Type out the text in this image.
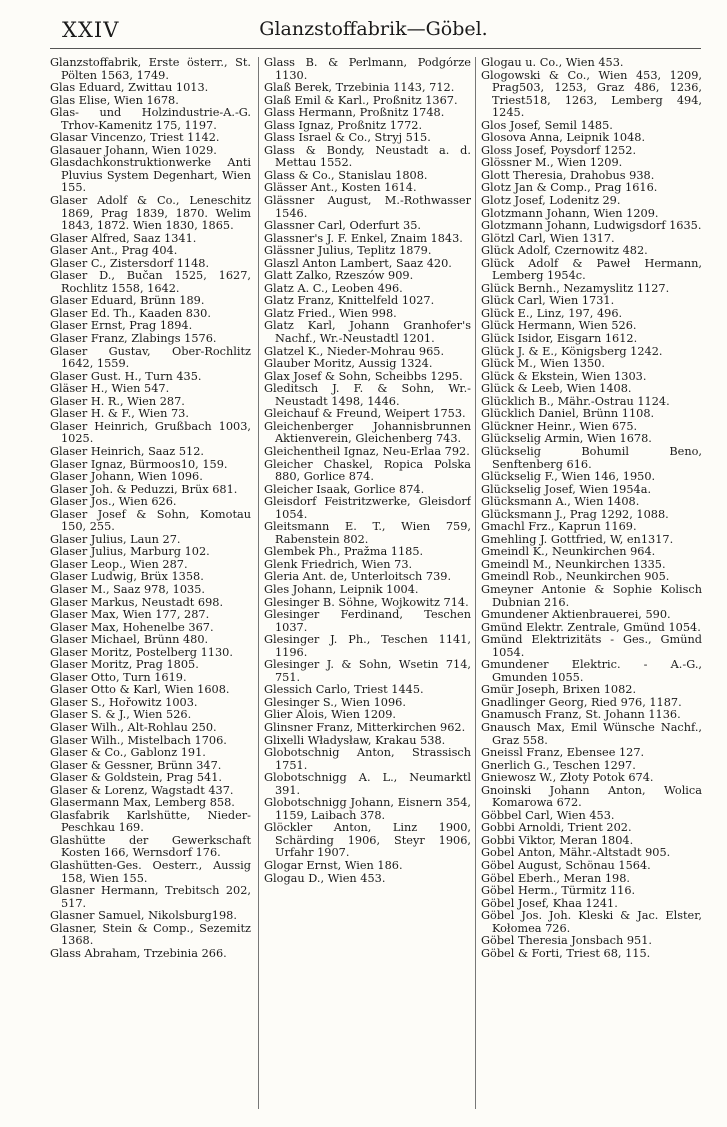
XXIV	Glanzstoffabrik—Göbel.
Glanzstoffabrik, Erste österr., St. Pölten 1563, 1749.
Glas Eduard, Zwittau 1013.
Glas Elise, Wien 1678.
Glas- und Holzindustrie-A.-G. Trhov-Kamenitz 175, 1197.
Glasar Vincenzo, Triest 1142.
Glasauer Johann, Wien 1029.
Glasdachkonstruktionwerke Anti Pluvius System Degenhart, Wien 155.
Glaser Adolf & Co., Leneschitz 1869, Prag 1839, 1870. Welim 1843, 1872. Wien 1830, 1865.
Glaser Alfred, Saaz 1341.
Glaser Ant., Prag 404.
Glaser C., Zistersdorf 1148.
Glaser D., Bučan 1525, 1627, Rochlitz 1558, 1642.
Glaser Eduard, Brünn 189.
Glaser Ed. Th., Kaaden 830.
Glaser Ernst, Prag 1894.
Glaser Franz, Zlabings 1576.
Glaser Gustav, Ober-Rochlitz 1642, 1559.
Glaser Gust. H., Turn 435.
Gläser H., Wien 547.
Glaser H. R., Wien 287.
Glaser H. & F., Wien 73.
Glaser Heinrich, Grußbach 1003, 1025.
Glaser Heinrich, Saaz 512.
Glaser Ignaz, Bürmoos10, 159.
Glaser Johann, Wien 1096.
Glaser Joh. & Peduzzi, Brüx 681.
Glaser Jos., Wien 626.
Glaser Josef & Sohn, Komotau 150, 255.
Glaser Julius, Laun 27.
Glaser Julius, Marburg 102.
Glaser Leop., Wien 287.
Glaser Ludwig, Brüx 1358.
Glaser M., Saaz 978, 1035.
Glaser Markus, Neustadt 698.
Glaser Max, Wien 177, 287.
Glaser Max, Hohenelbe 367.
Glaser Michael, Brünn 480.
Glaser Moritz, Postelberg 1130.
Glaser Moritz, Prag 1805.
Glaser Otto, Turn 1619.
Glaser Otto & Karl, Wien 1608.
Glaser S., Hořowitz 1003.
Glaser S. & J., Wien 526.
Glaser Wilh., Alt-Rohlau 250.
Glaser Wilh., Mistelbach 1706.
Glaser & Co., Gablonz 191.
Glaser & Gessner, Brünn 347.
Glaser & Goldstein, Prag 541.
Glaser & Lorenz, Wagstadt 437.
Glasermann Max, Lemberg 858.
Glasfabrik Karlshütte, Nieder-Peschkau 169.
Glashütte der Gewerkschaft Kosten 166, Wernsdorf 176.
Glashütten-Ges. Oesterr., Aussig 158, Wien 155.
Glasner Hermann, Trebitsch 202, 517.
Glasner Samuel, Nikolsburg198.
Glasner, Stein & Comp., Sezemitz 1368.
Glass Abraham, Trzebinia 266.
Glass B. & Perlmann, Podgórze 1130.
Glaß Berek, Trzebinia 1143, 712.
Glaß Emil & Karl., Proßnitz 1367.
Glass Hermann, Proßnitz 1748.
Glass Ignaz, Proßnitz 1772.
Glass Israel & Co., Stryj 515.
Glass & Bondy, Neustadt a. d. Mettau 1552.
Glass & Co., Stanislau 1808.
Glässer Ant., Kosten 1614.
Glässner August, M.-Rothwasser 1546.
Glassner Carl, Oderfurt 35.
Glassner's J. F. Enkel, Znaim 1843.
Glässner Julius, Teplitz 1879.
Glaszl Anton Lambert, Saaz 420.
Glatt Zalko, Rzeszów 909.
Glatz A. C., Leoben 496.
Glatz Franz, Knittelfeld 1027.
Glatz Fried., Wien 998.
Glatz Karl, Johann Granhofer's Nachf., Wr.-Neustadtl 1201.
Glatzel K., Nieder-Mohrau 965.
Glauber Moritz, Aussig 1324.
Glax Josef & Sohn, Scheibbs 1295.
Gleditsch J. F. & Sohn, Wr.-Neustadt 1498, 1446.
Gleichauf & Freund, Weipert 1753.
Gleichenberger Johannisbrunnen Aktienverein, Gleichenberg 743.
Gleichentheil Ignaz, Neu-Erlaa 792.
Gleicher Chaskel, Ropica Polska 880, Gorlice 874.
Gleicher Isaak, Gorlice 874.
Gleisdorf Feistritzwerke, Gleisdorf 1054.
Gleitsmann E. T., Wien 759, Rabenstein 802.
Glembek Ph., Pražma 1185.
Glenk Friedrich, Wien 73.
Gleria Ant. de, Unterloitsch 739.
Gles Johann, Leipnik 1004.
Glesinger B. Söhne, Wojkowitz 714.
Glesinger Ferdinand, Teschen 1037.
Glesinger J. Ph., Teschen 1141, 1196.
Glesinger J. & Sohn, Wsetin 714, 751.
Glessich Carlo, Triest 1445.
Glesinger S., Wien 1096.
Glier Alois, Wien 1209.
Glinsner Franz, Mitterkirchen 962.
Glixelli Władysław, Krakau 538.
Globotschnig Anton, Strassisch 1751.
Globotschnigg A. L., Neumarktl 391.
Globotschnigg Johann, Eisnern 354, 1159, Laibach 378.
Glöckler Anton, Linz 1900, Schärding 1906, Steyr 1906, Urfahr 1907.
Glogar Ernst, Wien 186.
Glogau D., Wien 453.
Glogau u. Co., Wien 453.
Glogowski & Co., Wien 453, 1209, Prag503, 1253, Graz 486, 1236, Triest518, 1263, Lemberg 494, 1245.
Glos Josef, Semil 1485.
Glosova Anna, Leipnik 1048.
Gloss Josef, Poysdorf 1252.
Glössner M., Wien 1209.
Glott Theresia, Drahobus 938.
Glotz Jan & Comp., Prag 1616.
Glotz Josef, Lodenitz 29.
Glotzmann Johann, Wien 1209.
Glotzmann Johann, Ludwigsdorf 1635.
Glötzl Carl, Wien 1317.
Glück Adolf, Czernowitz 482.
Glück Adolf & Paweł Hermann, Lemberg 1954c.
Glück Bernh., Nezamyslitz 1127.
Glück Carl, Wien 1731.
Glück E., Linz, 197, 496.
Glück Hermann, Wien 526.
Glück Isidor, Eisgarn 1612.
Glück J. & E., Königsberg 1242.
Glück M., Wien 1350.
Glück & Ekstein, Wien 1303.
Glück & Leeb, Wien 1408.
Glücklich B., Mähr.-Ostrau 1124.
Glücklich Daniel, Brünn 1108.
Glückner Heinr., Wien 675.
Glückselig Armin, Wien 1678.
Glückselig Bohumil Beno, Senftenberg 616.
Glückselig F., Wien 146, 1950.
Glückselig Josef, Wien 1954a.
Glücksmann A., Wien 1408.
Glücksmann J., Prag 1292, 1088.
Gmachl Frz., Kaprun 1169.
Gmehling J. Gottfried, W, en1317.
Gmeindl K., Neunkirchen 964.
Gmeindl M., Neunkirchen 1335.
Gmeindl Rob., Neunkirchen 905.
Gmeyner Antonie & Sophie Kolisch Dubnian 216.
Gmundener Aktienbrauerei, 590.
Gmünd Elektr. Zentrale, Gmünd 1054.
Gmünd Elektrizitäts - Ges., Gmünd 1054.
Gmundener Elektric. - A.-G., Gmunden 1055.
Gmür Joseph, Brixen 1082.
Gnadlinger Georg, Ried 976, 1187.
Gnamusch Franz, St. Johann 1136.
Gnausch Max, Emil Wünsche Nachf., Graz 558.
Gneissl Franz, Ebensee 127.
Gnerlich G., Teschen 1297.
Gniewosz W., Złoty Potok 674.
Gnoinski Johann Anton, Wolica Komarowa 672.
Göbbel Carl, Wien 453.
Gobbi Arnoldi, Trient 202.
Gobbi Viktor, Meran 1804.
Gobel Anton, Mähr.-Altstadt 905.
Göbel August, Schönau 1564.
Göbel Eberh., Meran 198.
Göbel Herm., Türmitz 116.
Göbel Josef, Khaa 1241.
Göbel Jos. Joh. Kleski & Jac. Elster, Kołomea 726.
Göbel Theresia Jonsbach 951.
Göbel & Forti, Triest 68, 115.
